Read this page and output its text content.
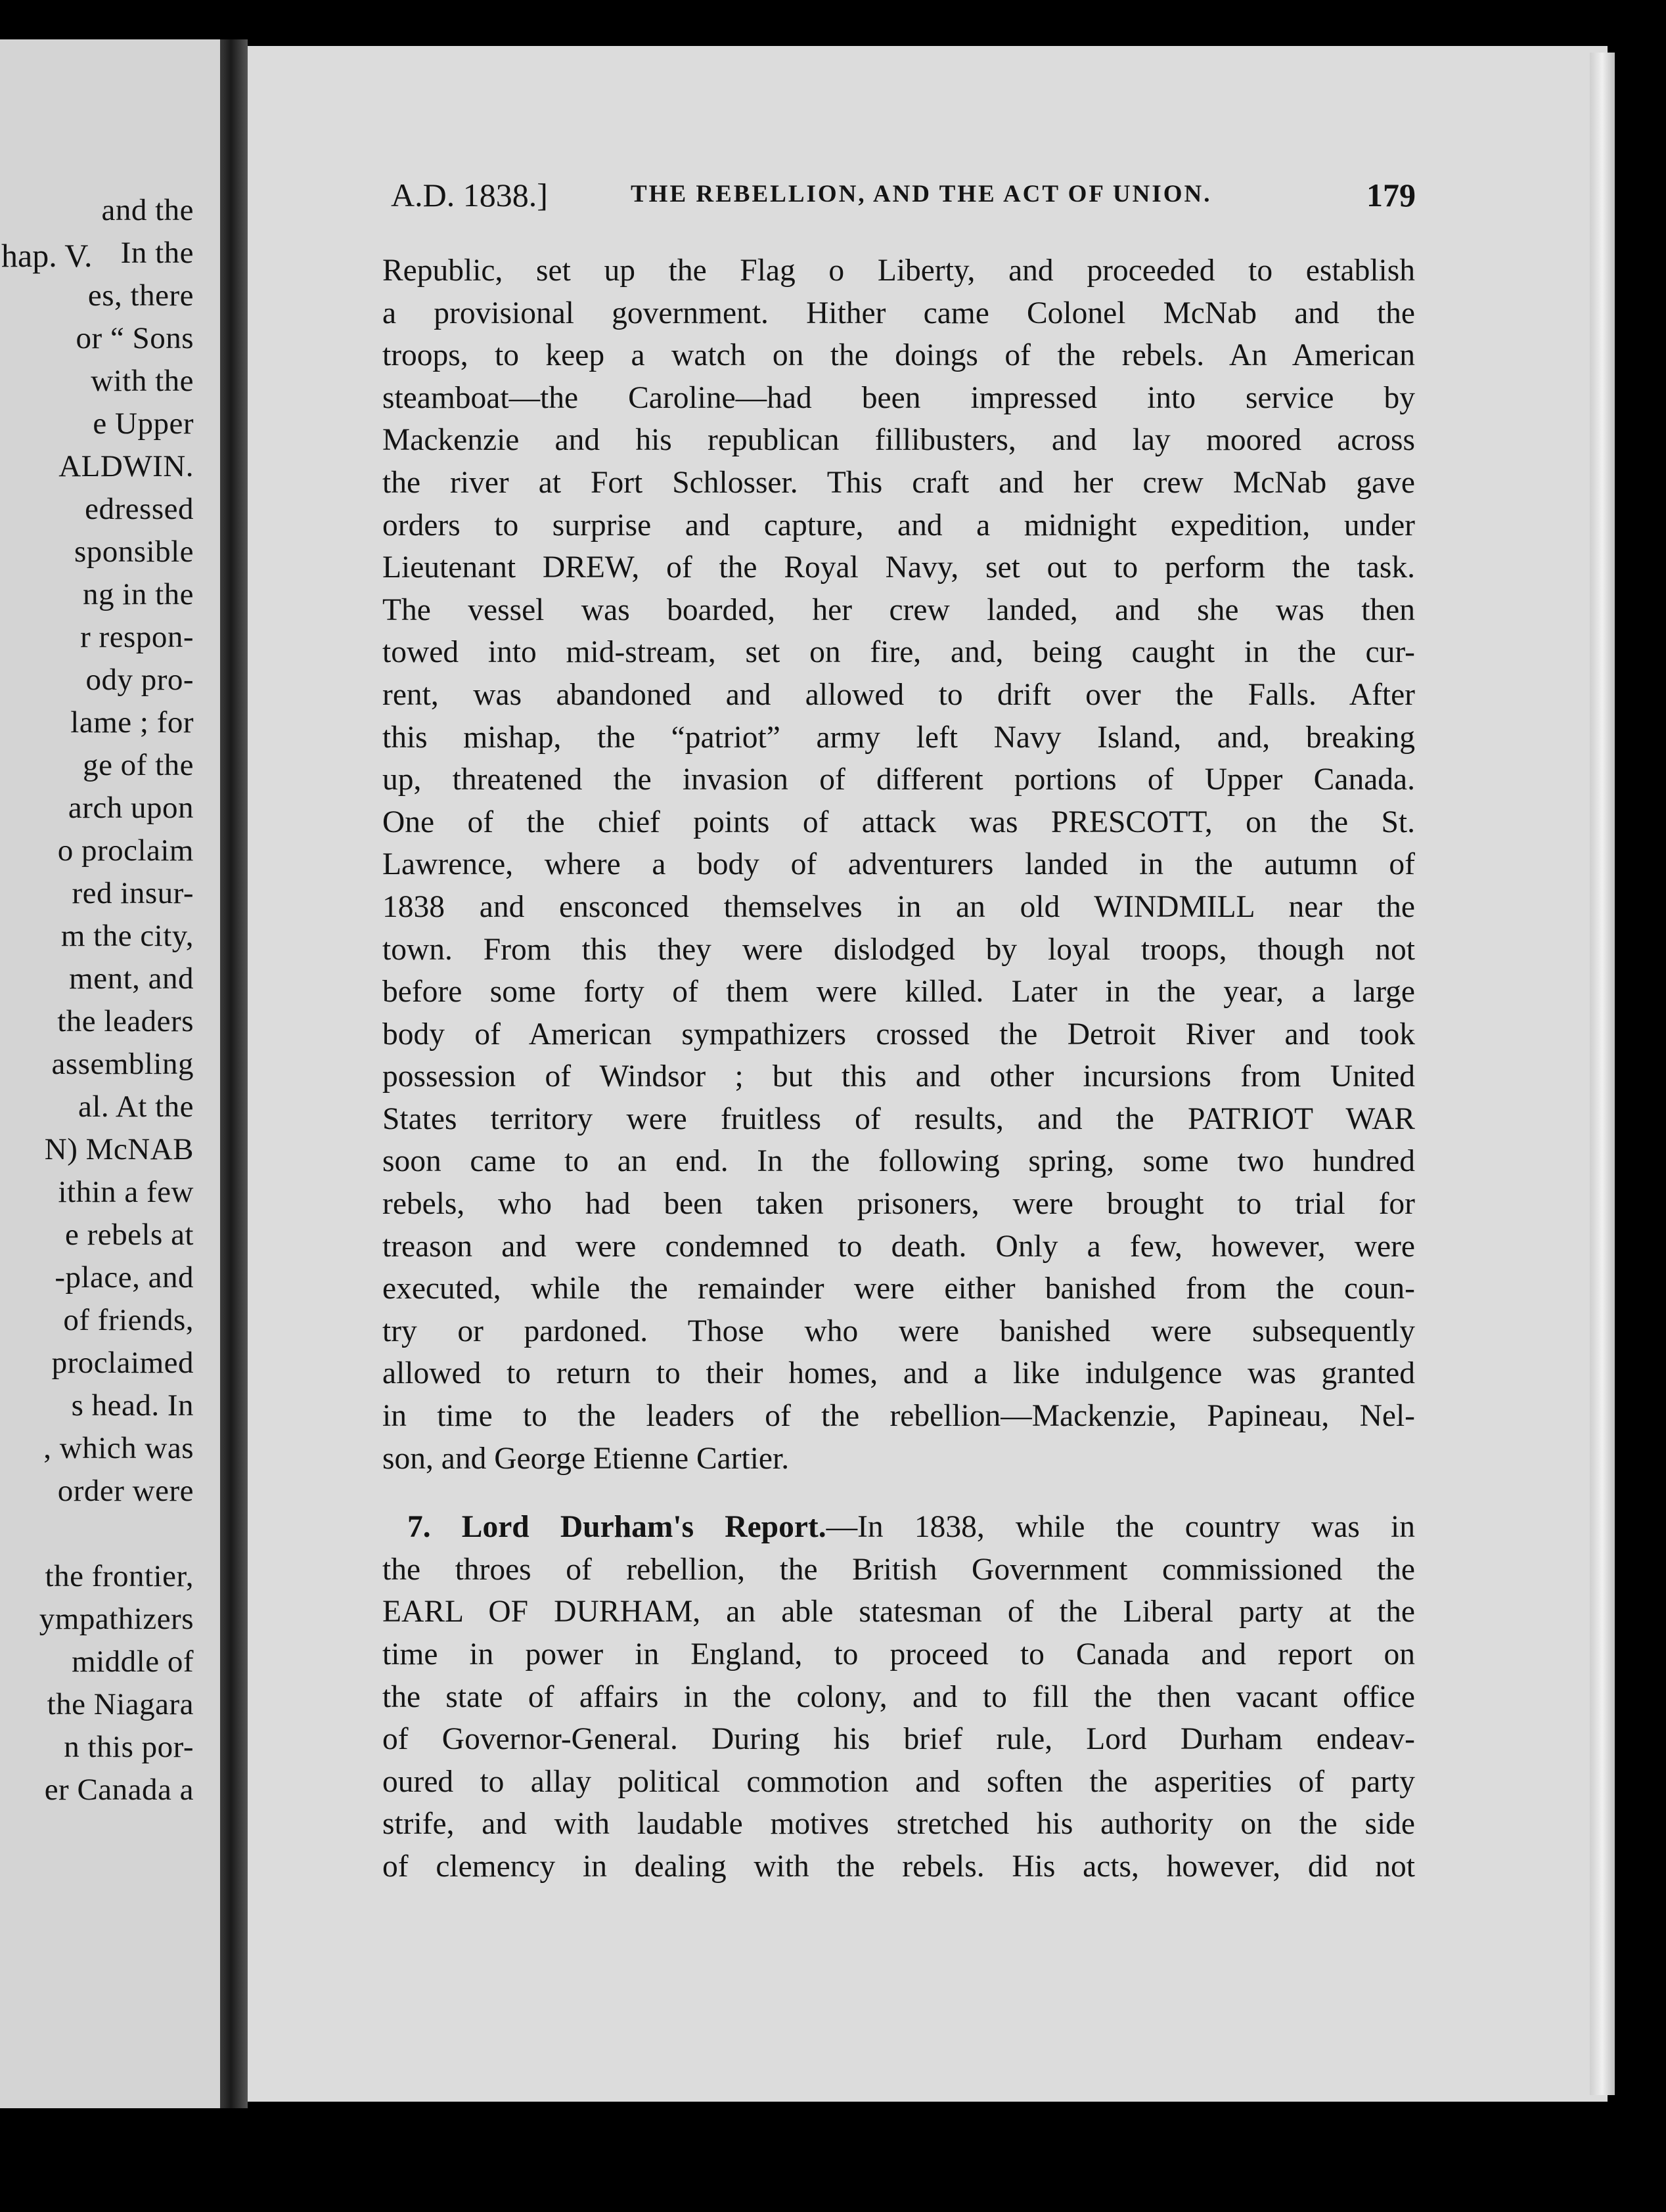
hap. V.
and the
In the
es, there
or “ Sons
with the
e Upper
ALDWIN.
edressed
sponsible
ng in the
r respon-
ody pro-
lame ; for
ge of the
arch upon
o proclaim
red insur-
m the city,
ment, and
the leaders
assembling
al. At the
N) McNAB
ithin a few
e rebels at
-place, and
of friends,
proclaimed
s head. In
, which was
order were

the frontier,
ympathizers
middle of
the Niagara
n this por-
er Canada a
A.D. 1838.]	THE REBELLION, AND THE ACT OF UNION.	179
Republic, set up the Flag o Liberty, and proceeded to establish
a provisional government. Hither came Colonel McNab and the
troops, to keep a watch on the doings of the rebels. An American
steamboat—the Caroline—had been impressed into service by
Mackenzie and his republican fillibusters, and lay moored across
the river at Fort Schlosser. This craft and her crew McNab gave
orders to surprise and capture, and a midnight expedition, under
Lieutenant DREW, of the Royal Navy, set out to perform the task.
The vessel was boarded, her crew landed, and she was then
towed into mid-stream, set on fire, and, being caught in the cur-
rent, was abandoned and allowed to drift over the Falls. After
this mishap, the “patriot” army left Navy Island, and, breaking
up, threatened the invasion of different portions of Upper Canada.
One of the chief points of attack was PRESCOTT, on the St.
Lawrence, where a body of adventurers landed in the autumn of
1838 and ensconced themselves in an old WINDMILL near the
town. From this they were dislodged by loyal troops, though not
before some forty of them were killed. Later in the year, a large
body of American sympathizers crossed the Detroit River and took
possession of Windsor ; but this and other incursions from United
States territory were fruitless of results, and the PATRIOT WAR
soon came to an end. In the following spring, some two hundred
rebels, who had been taken prisoners, were brought to trial for
treason and were condemned to death. Only a few, however, were
executed, while the remainder were either banished from the coun-
try or pardoned. Those who were banished were subsequently
allowed to return to their homes, and a like indulgence was granted
in time to the leaders of the rebellion—Mackenzie, Papineau, Nel-
son, and George Etienne Cartier.
7. Lord Durham's Report.—In 1838, while the country was in
the throes of rebellion, the British Government commissioned the
EARL OF DURHAM, an able statesman of the Liberal party at the
time in power in England, to proceed to Canada and report on
the state of affairs in the colony, and to fill the then vacant office
of Governor-General. During his brief rule, Lord Durham endeav-
oured to allay political commotion and soften the asperities of party
strife, and with laudable motives stretched his authority on the side
of clemency in dealing with the rebels. His acts, however, did not
